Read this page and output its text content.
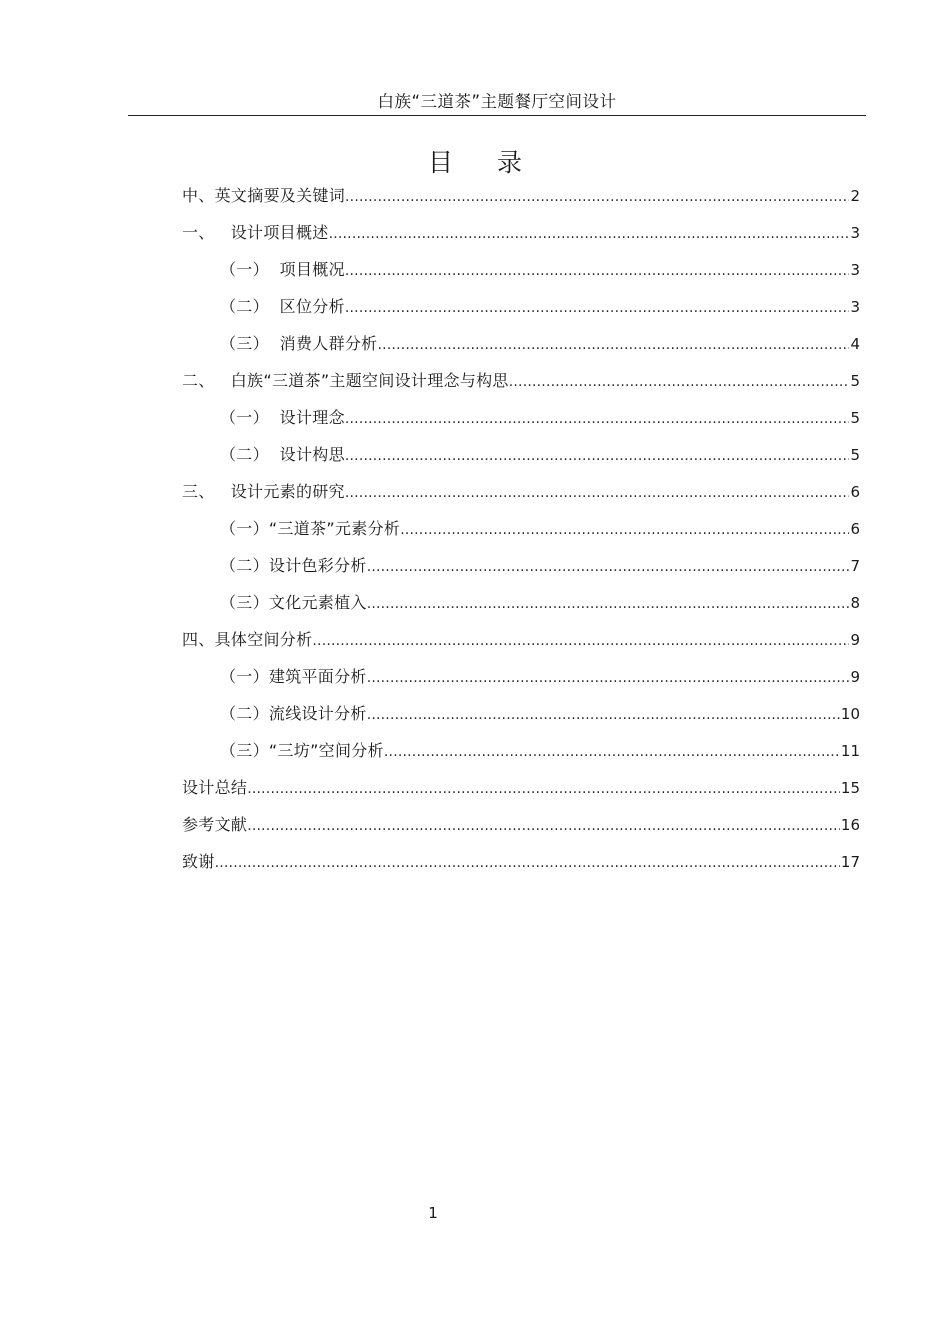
白族“三道茶”主题餐厅空间设计
目录
中、英文摘要及关键词 .....	2
一、   设计项目概述 .....	3
（一）  项目概况 .....	3
（二）  区位分析 .....	3
（三）  消费人群分析 .....	4
二、   白族“三道茶”主题空间设计理念与构思 .....	5
（一）  设计理念 .....	5
（二）  设计构思 .....	5
三、   设计元素的研究 .....	6
（一）“三道茶”元素分析 .....	6
（二）设计色彩分析 .....	7
（三）文化元素植入 .....	8
四、具体空间分析 .....	9
（一）建筑平面分析 .....	9
（二）流线设计分析 .....	10
（三）“三坊”空间分析 .....	11
设计总结 .....	15
参考文献 .....	16
致谢 .....	17
1
